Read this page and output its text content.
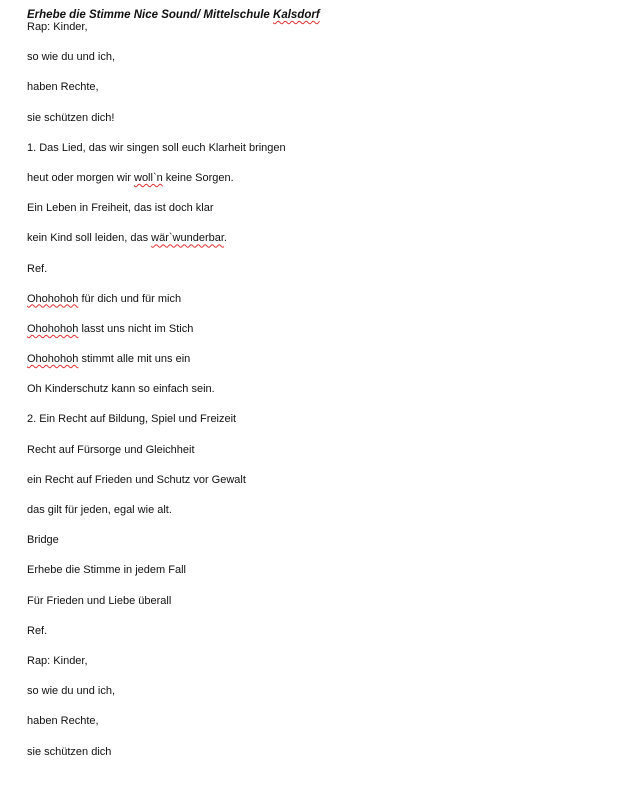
Erhebe die Stimme Nice Sound/ Mittelschule Kalsdorf
Rap: Kinder,
so wie du und ich,
haben Rechte,
sie schützen dich!
1. Das Lied, das wir singen soll euch Klarheit bringen
heut oder morgen wir woll`n keine Sorgen.
Ein Leben in Freiheit, das ist doch klar
kein Kind soll leiden, das wär`wunderbar.
Ref.
Ohohohoh für dich und für mich
Ohohohoh lasst uns nicht im Stich
Ohohohoh stimmt alle mit uns ein
Oh Kinderschutz kann so einfach sein.
2. Ein Recht auf Bildung, Spiel und Freizeit
Recht auf Fürsorge und Gleichheit
ein Recht auf Frieden und Schutz vor Gewalt
das gilt für jeden, egal wie alt.
Bridge
Erhebe die Stimme in jedem Fall
Für Frieden und Liebe überall
Ref.
Rap: Kinder,
so wie du und ich,
haben Rechte,
sie schützen dich
